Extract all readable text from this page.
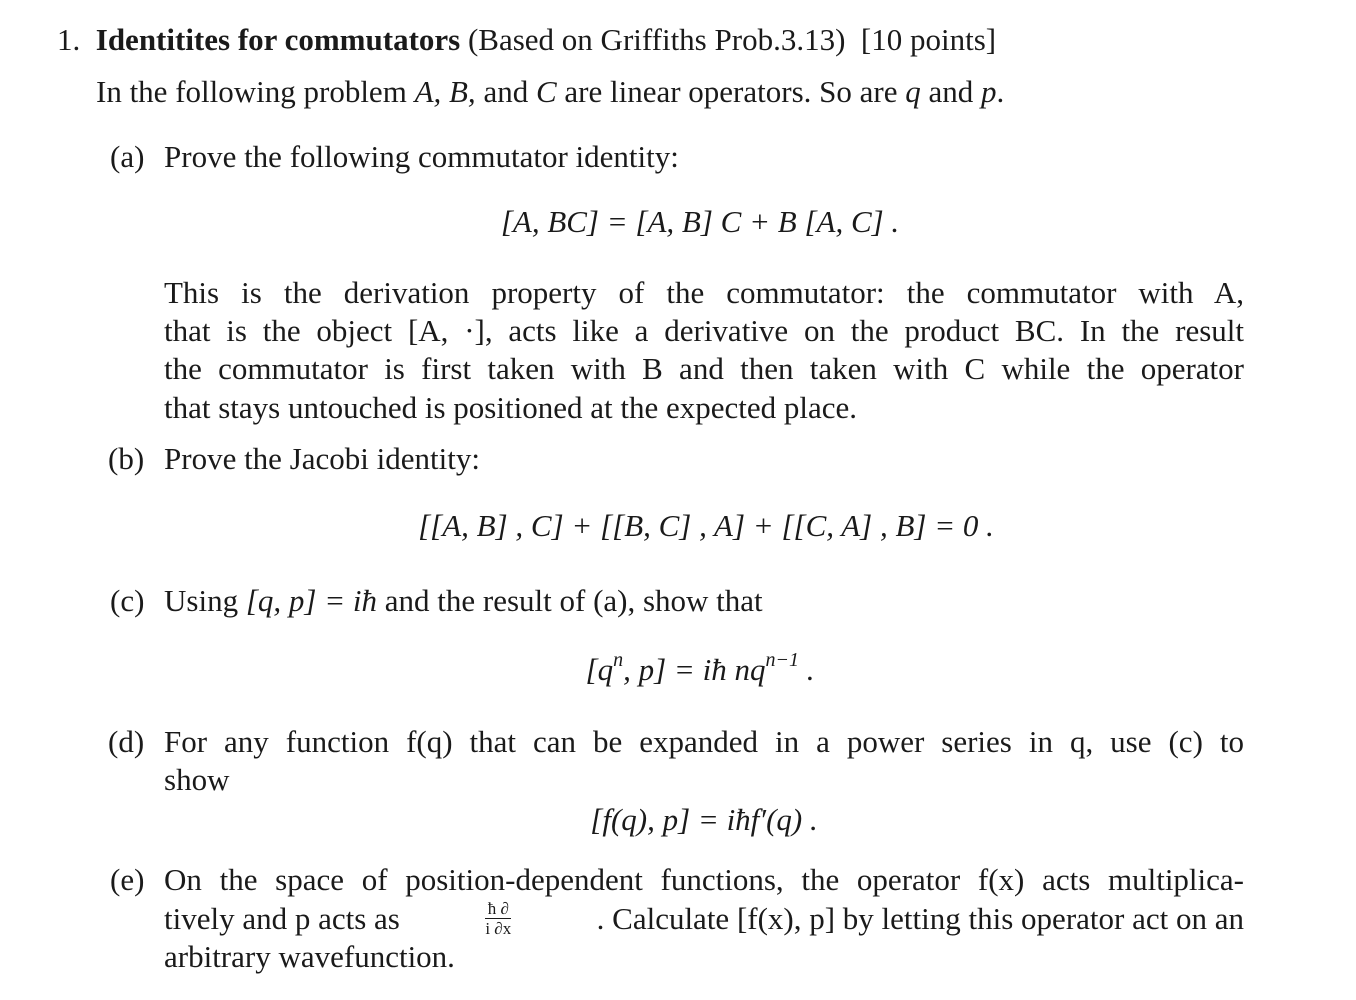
1. Identitites for commutators (Based on Griffiths Prob.3.13) [10 points]
In the following problem A, B, and C are linear operators. So are q and p.
(a) Prove the following commutator identity:
[A, BC] = [A, B] C + B [A, C] .
This is the derivation property of the commutator: the commutator with A,
that is the object [A, ·], acts like a derivative on the product BC. In the result
the commutator is first taken with B and then taken with C while the operator
that stays untouched is positioned at the expected place.
(b) Prove the Jacobi identity:
[[A, B] , C] + [[B, C] , A] + [[C, A] , B] = 0 .
(c) Using [q, p] = iħ and the result of (a), show that
[$q^n$, p] = iħ $nq^{n-1}$ .
(d) For any function f(q) that can be expanded in a power series in q, use (c) to
show
[f(q), p] = iħf′(q) .
(e) On the space of position-dependent functions, the operator f(x) acts multiplica-
tively and p acts as	$\frac{ħ \partial}{i \partial x}$	. Calculate [f(x), p] by letting this operator act on an
arbitrary wavefunction.
